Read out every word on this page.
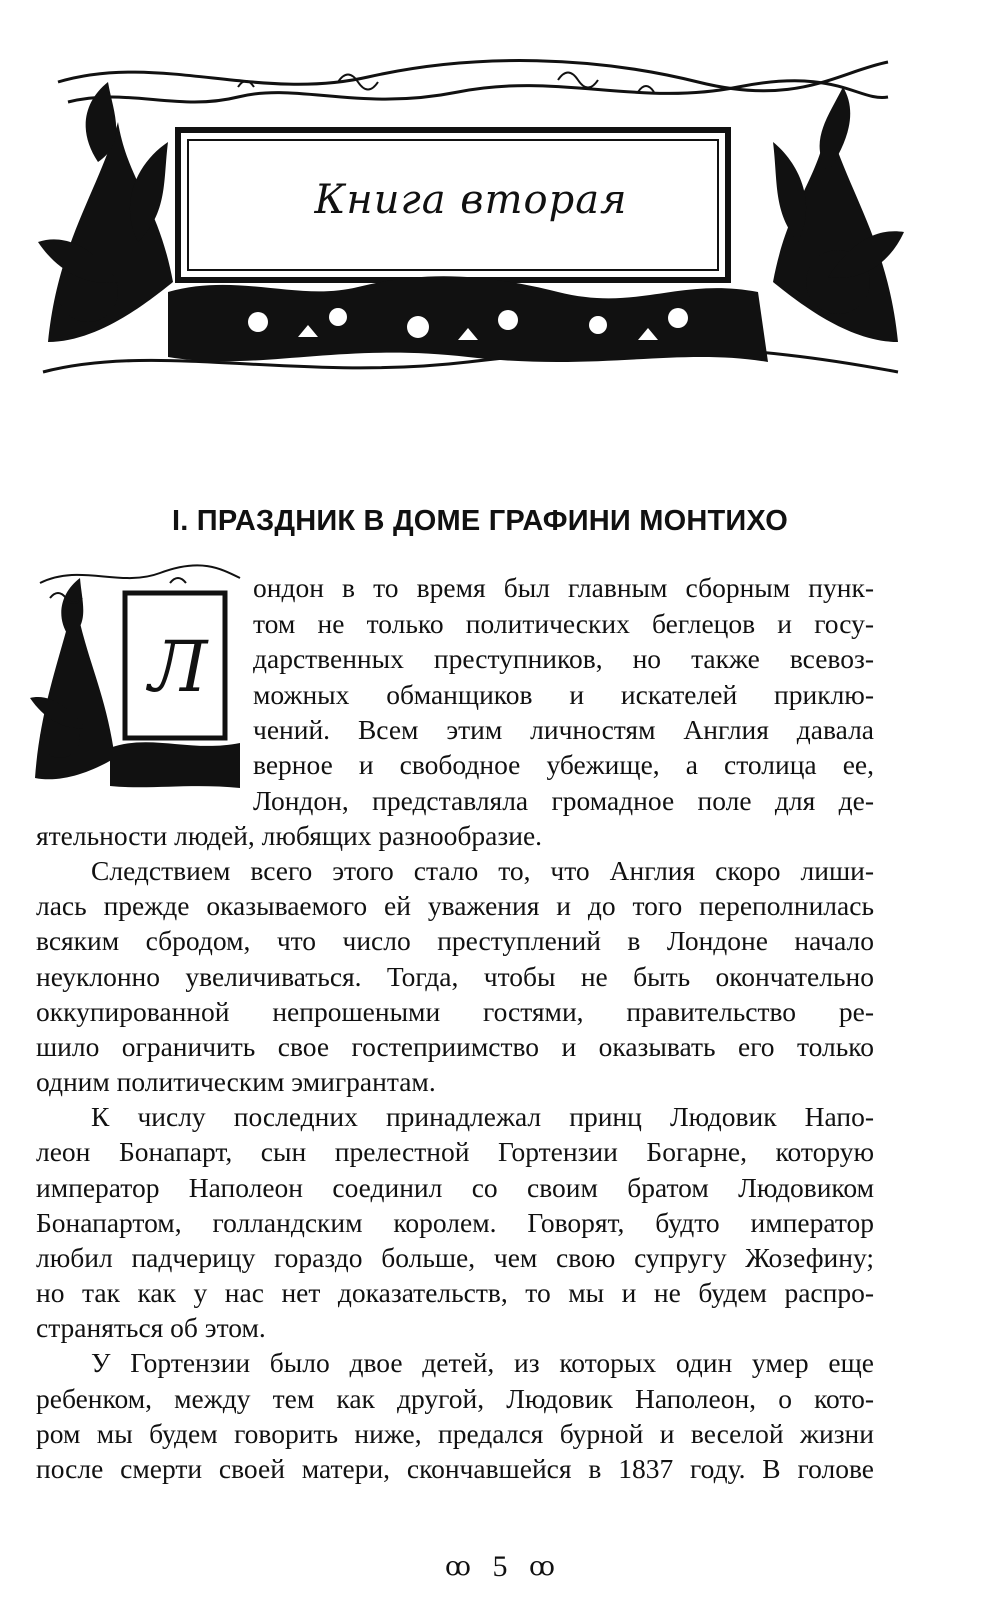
Книга вторая
I. ПРАЗДНИК В ДОМЕ ГРАФИНИ МОНТИХО
Л
ондон в то время был главным сборным пунк-
том не только политических беглецов и госу-
дарственных преступников, но также всевоз-
можных обманщиков и искателей приклю-
чений. Всем этим личностям Англия давала
верное и свободное убежище, а столица ее,
Лондон, представляла громадное поле для де-
ятельности людей, любящих разнообразие.
Следствием всего этого стало то, что Англия скоро лиши-
лась прежде оказываемого ей уважения и до того переполнилась
всяким сбродом, что число преступлений в Лондоне начало
неуклонно увеличиваться. Тогда, чтобы не быть окончательно
оккупированной непрошеными гостями, правительство ре-
шило ограничить свое гостеприимство и оказывать его только
одним политическим эмигрантам.
К числу последних принадлежал принц Людовик Напо-
леон Бонапарт, сын прелестной Гортензии Богарне, которую
император Наполеон соединил со своим братом Людовиком
Бонапартом, голландским королем. Говорят, будто император
любил падчерицу гораздо больше, чем свою супругу Жозефину;
но так как у нас нет доказательств, то мы и не будем распро-
страняться об этом.
У Гортензии было двое детей, из которых один умер еще
ребенком, между тем как другой, Людовик Наполеон, о кото-
ром мы будем говорить ниже, предался бурной и веселой жизни
после смерти своей матери, скончавшейся в 1837 году. В голове
ꝏ 5 ꝏ
